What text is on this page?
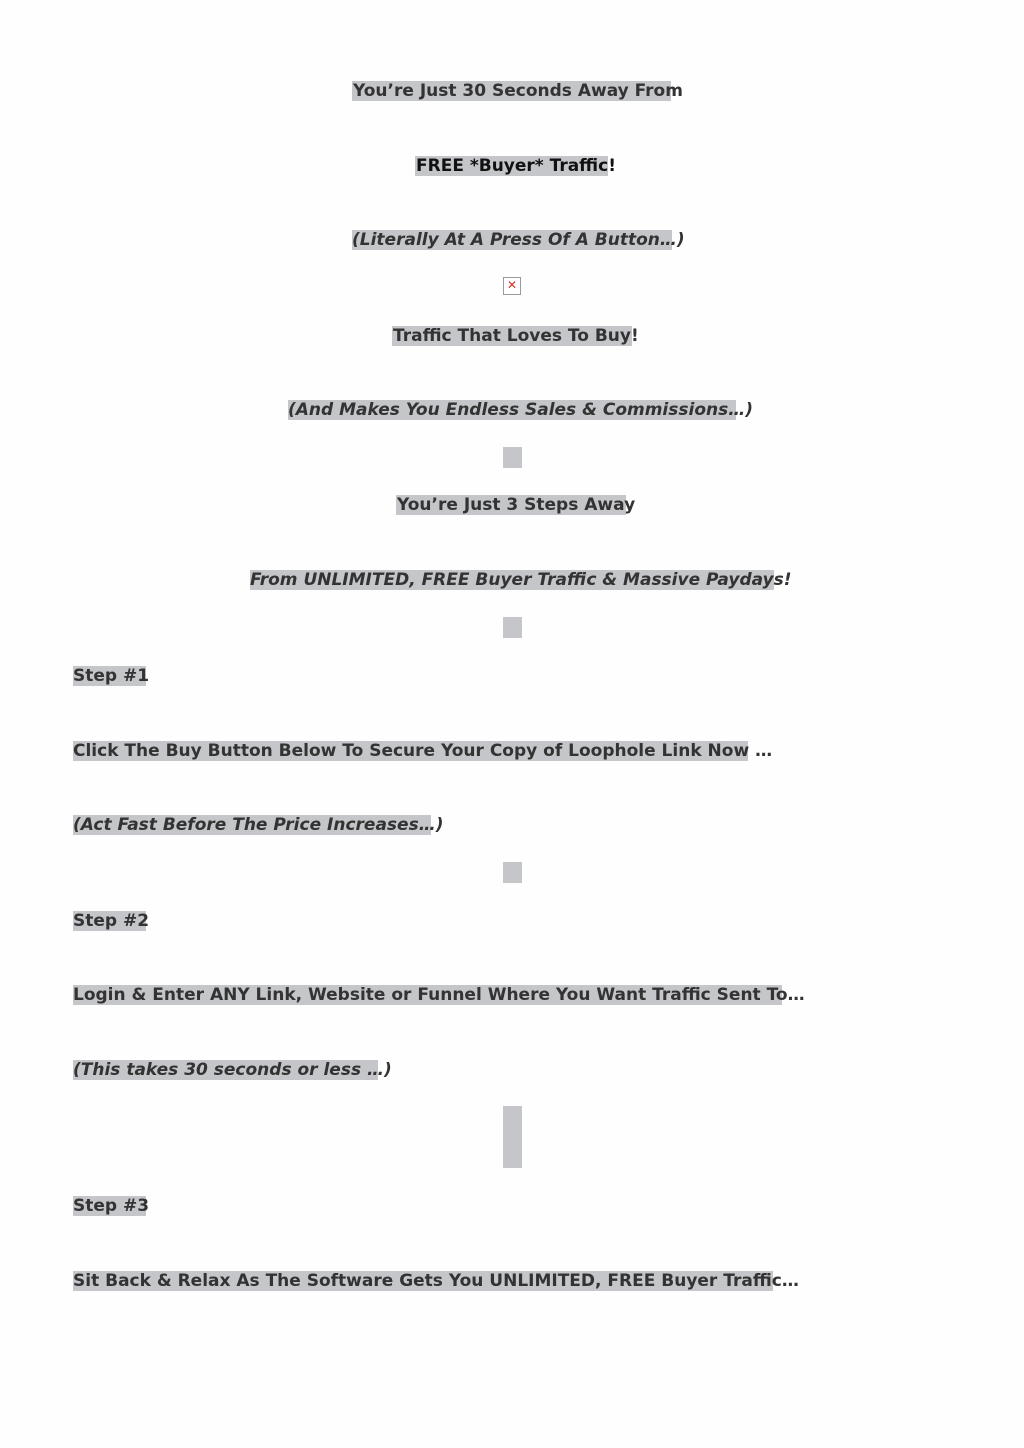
You’re Just 30 Seconds Away From
FREE *Buyer* Traffic!
(Literally At A Press Of A Button…)
✕
Traffic That Loves To Buy!
(And Makes You Endless Sales & Commissions…)
You’re Just 3 Steps Away
From UNLIMITED, FREE Buyer Traffic & Massive Paydays!
Step #1
Click The Buy Button Below To Secure Your Copy of Loophole Link Now …
(Act Fast Before The Price Increases…)
Step #2
Login & Enter ANY Link, Website or Funnel Where You Want Traffic Sent To…
(This takes 30 seconds or less …)
Step #3
Sit Back & Relax As The Software Gets You UNLIMITED, FREE Buyer Traffic…
